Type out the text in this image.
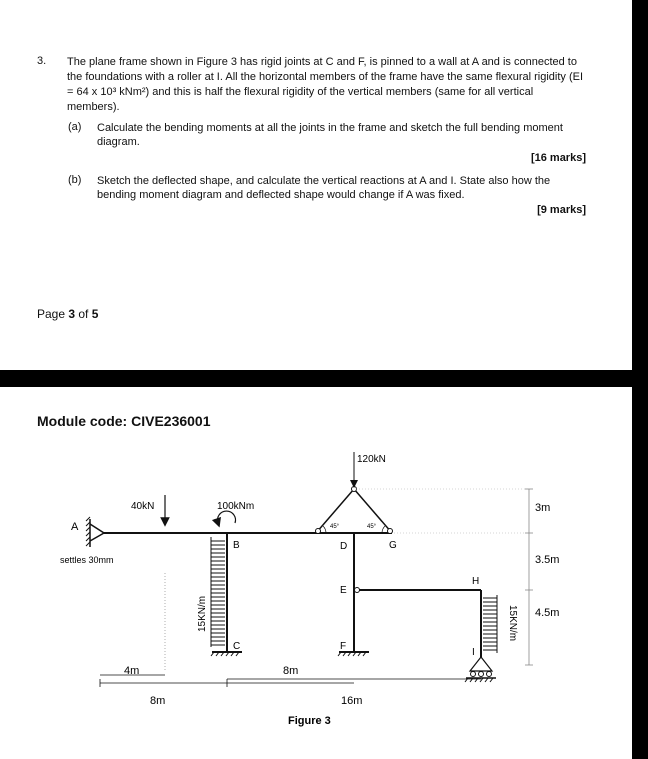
3. The plane frame shown in Figure 3 has rigid joints at C and F, is pinned to a wall at A and is connected to the foundations with a roller at I. All the horizontal members of the frame have the same flexural rigidity (EI = 64 x 10³ kNm²) and this is half the flexural rigidity of the vertical members (same for all vertical members).
(a) Calculate the bending moments at all the joints in the frame and sketch the full bending moment diagram.
[16 marks]
(b) Sketch the deflected shape, and calculate the vertical reactions at A and I. State also how the bending moment diagram and deflected shape would change if A was fixed.
[9 marks]
Page 3 of 5
Module code: CIVE236001
45°	45°
15KN/m	15KN/m
120kN
40kN	100kNm
A
B
C
D
E
F
G
H
I
settles 30mm
3m
3.5m
4.5m
4m
8m
8m
16m
Figure 3
